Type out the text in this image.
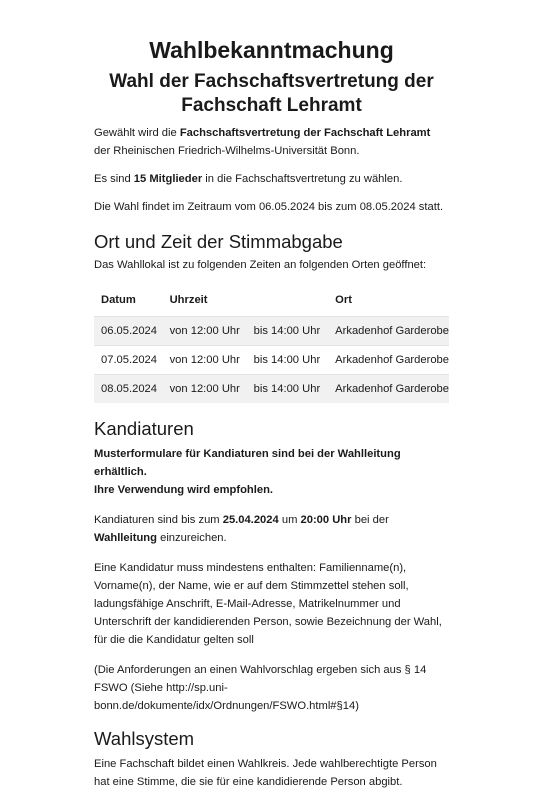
Wahlbekanntmachung
Wahl der Fachschaftsvertretung der
Fachschaft Lehramt

Gewählt wird die Fachschaftsvertretung der Fachschaft Lehramt der Rheinischen Friedrich-Wilhelms-Universität Bonn.

Es sind 15 Mitglieder in die Fachschaftsvertretung zu wählen.

Die Wahl findet im Zeitraum vom 06.05.2024 bis zum 08.05.2024 statt.

Ort und Zeit der Stimmabgabe

Das Wahllokal ist zu folgenden Zeiten an folgenden Orten geöffnet:

Datum	Uhrzeit		Ort
06.05.2024	von 12:00 Uhr	bis 14:00 Uhr	Arkadenhof Garderobe
07.05.2024	von 12:00 Uhr	bis 14:00 Uhr	Arkadenhof Garderobe
08.05.2024	von 12:00 Uhr	bis 14:00 Uhr	Arkadenhof Garderobe
Kandiaturen

Musterformulare für Kandiaturen sind bei der Wahlleitung erhältlich.
Ihre Verwendung wird empfohlen.

Kandiaturen sind bis zum 25.04.2024 um 20:00 Uhr bei der Wahlleitung einzureichen.

Eine Kandidatur muss mindestens enthalten: Familienname(n), Vorname(n), der Name, wie er auf dem Stimmzettel stehen soll, ladungsfähige Anschrift, E-Mail-Adresse, Matrikelnummer und Unterschrift der kandidierenden Person, sowie Bezeichnung der Wahl, für die die Kandidatur gelten soll

(Die Anforderungen an einen Wahlvorschlag ergeben sich aus § 14 FSWO (Siehe http://sp.uni-bonn.de/dokumente/idx/Ordnungen/FSWO.html#§14)

Wahlsystem

Eine Fachschaft bildet einen Wahlkreis. Jede wahlberechtigte Person hat eine Stimme, die sie für eine kandidierende Person abgibt.
